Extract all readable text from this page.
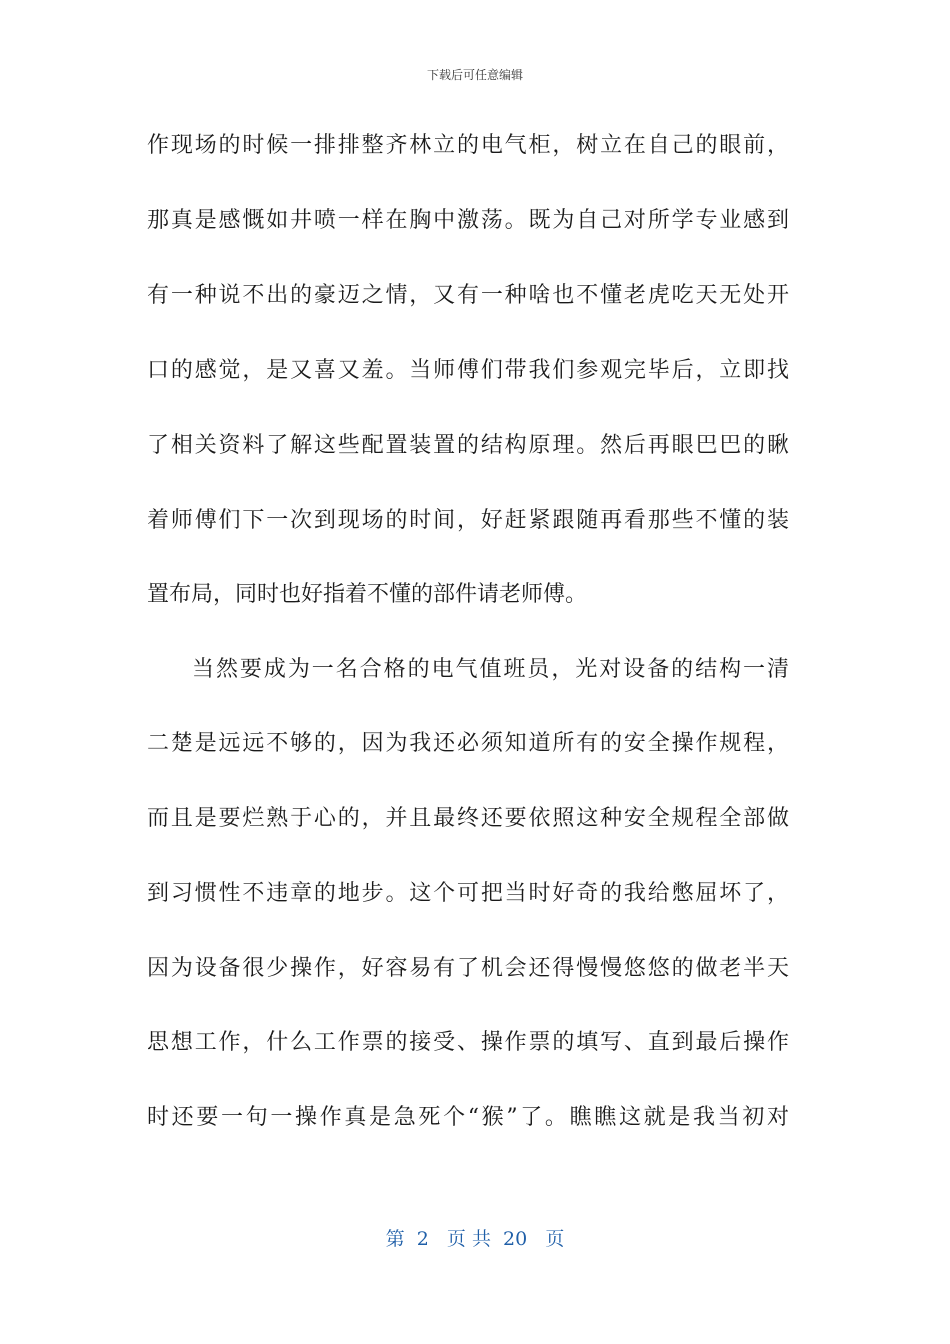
下载后可任意编辑
作现场的时候一排排整齐林立的电气柜，树立在自己的眼前，
那真是感慨如井喷一样在胸中激荡。既为自己对所学专业感到
有一种说不出的豪迈之情，又有一种啥也不懂老虎吃天无处开
口的感觉，是又喜又羞。当师傅们带我们参观完毕后，立即找
了相关资料了解这些配置装置的结构原理。然后再眼巴巴的瞅
着师傅们下一次到现场的时间，好赶紧跟随再看那些不懂的装
置布局，同时也好指着不懂的部件请老师傅。
当然要成为一名合格的电气值班员，光对设备的结构一清
二楚是远远不够的，因为我还必须知道所有的安全操作规程，
而且是要烂熟于心的，并且最终还要依照这种安全规程全部做
到习惯性不违章的地步。这个可把当时好奇的我给憋屈坏了，
因为设备很少操作，好容易有了机会还得慢慢悠悠的做老半天
思想工作，什么工作票的接受、操作票的填写、直到最后操作
时还要一句一操作真是急死个“猴”了。瞧瞧这就是我当初对
第  2   页 共  20   页
